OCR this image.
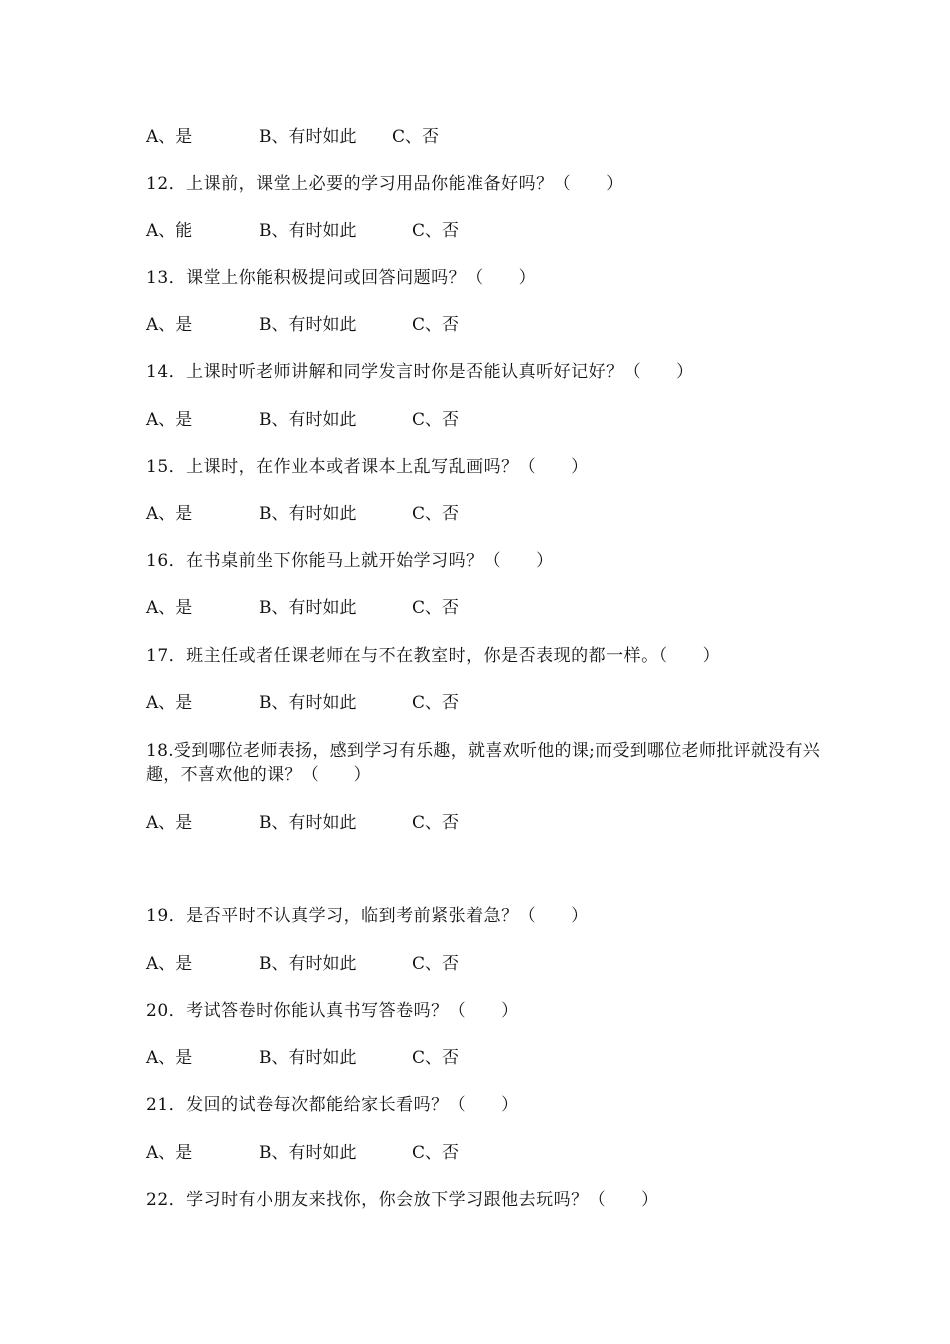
A、是	B、有时如此 C、否
12．上课前，课堂上必要的学习用品你能准备好吗？（　　）
A、能	B、有时如此	C、否
13．课堂上你能积极提问或回答问题吗？（　　）
A、是	B、有时如此	C、否
14．上课时听老师讲解和同学发言时你是否能认真听好记好？（　　）
A、是	B、有时如此	C、否
15．上课时，在作业本或者课本上乱写乱画吗？（　　）
A、是	B、有时如此	C、否
16．在书桌前坐下你能马上就开始学习吗？（　　）
A、是	B、有时如此	C、否
17．班主任或者任课老师在与不在教室时，你是否表现的都一样。（　　）
A、是	B、有时如此	C、否
18.受到哪位老师表扬，感到学习有乐趣，就喜欢听他的课;而受到哪位老师批评就没有兴趣，不喜欢他的课？（　　）
A、是	B、有时如此	C、否
19．是否平时不认真学习，临到考前紧张着急？（　　）
A、是	B、有时如此	C、否
20．考试答卷时你能认真书写答卷吗？（　　）
A、是	B、有时如此	C、否
21．发回的试卷每次都能给家长看吗？（　　）
A、是	B、有时如此	C、否
22．学习时有小朋友来找你，你会放下学习跟他去玩吗？（　　）
